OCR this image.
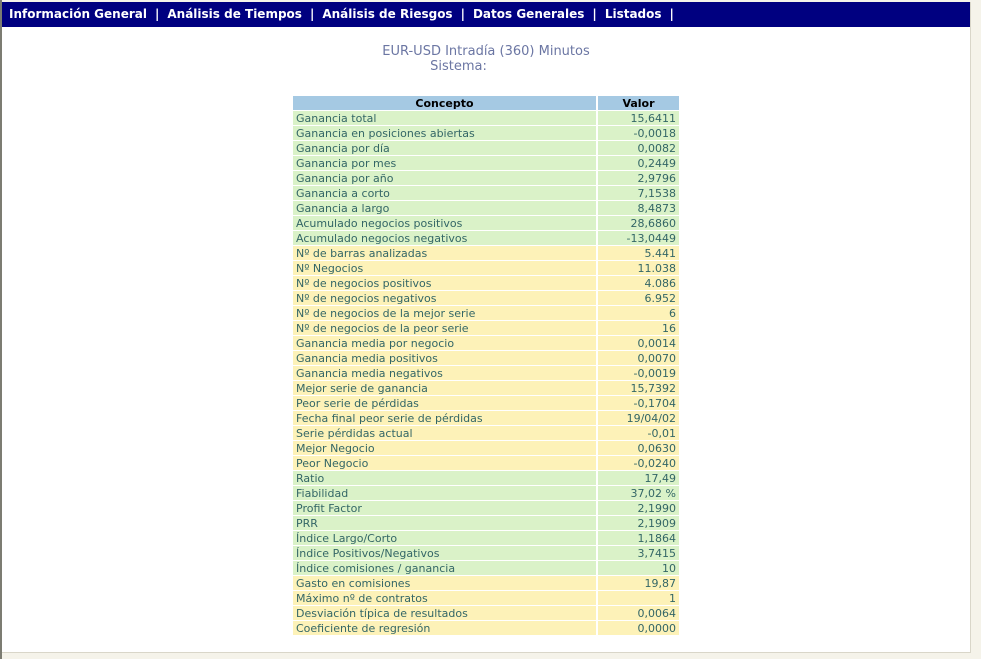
Información General | Análisis de Tiempos | Análisis de Riesgos | Datos Generales | Listados |
EUR-USD Intradía (360) Minutos
Sistema:
Concepto	Valor
Ganancia total	15,6411
Ganancia en posiciones abiertas	-0,0018
Ganancia por día	0,0082
Ganancia por mes	0,2449
Ganancia por año	2,9796
Ganancia a corto	7,1538
Ganancia a largo	8,4873
Acumulado negocios positivos	28,6860
Acumulado negocios negativos	-13,0449
Nº de barras analizadas	5.441
Nº Negocios	11.038
Nº de negocios positivos	4.086
Nº de negocios negativos	6.952
Nº de negocios de la mejor serie	6
Nº de negocios de la peor serie	16
Ganancia media por negocio	0,0014
Ganancia media positivos	0,0070
Ganancia media negativos	-0,0019
Mejor serie de ganancia	15,7392
Peor serie de pérdidas	-0,1704
Fecha final peor serie de pérdidas	19/04/02
Serie pérdidas actual	-0,01
Mejor Negocio	0,0630
Peor Negocio	-0,0240
Ratio	17,49
Fiabilidad	37,02 %
Profit Factor	2,1990
PRR	2,1909
Índice Largo/Corto	1,1864
Índice Positivos/Negativos	3,7415
Índice comisiones / ganancia	10
Gasto en comisiones	19,87
Máximo nº de contratos	1
Desviación típica de resultados	0,0064
Coeficiente de regresión	0,0000
